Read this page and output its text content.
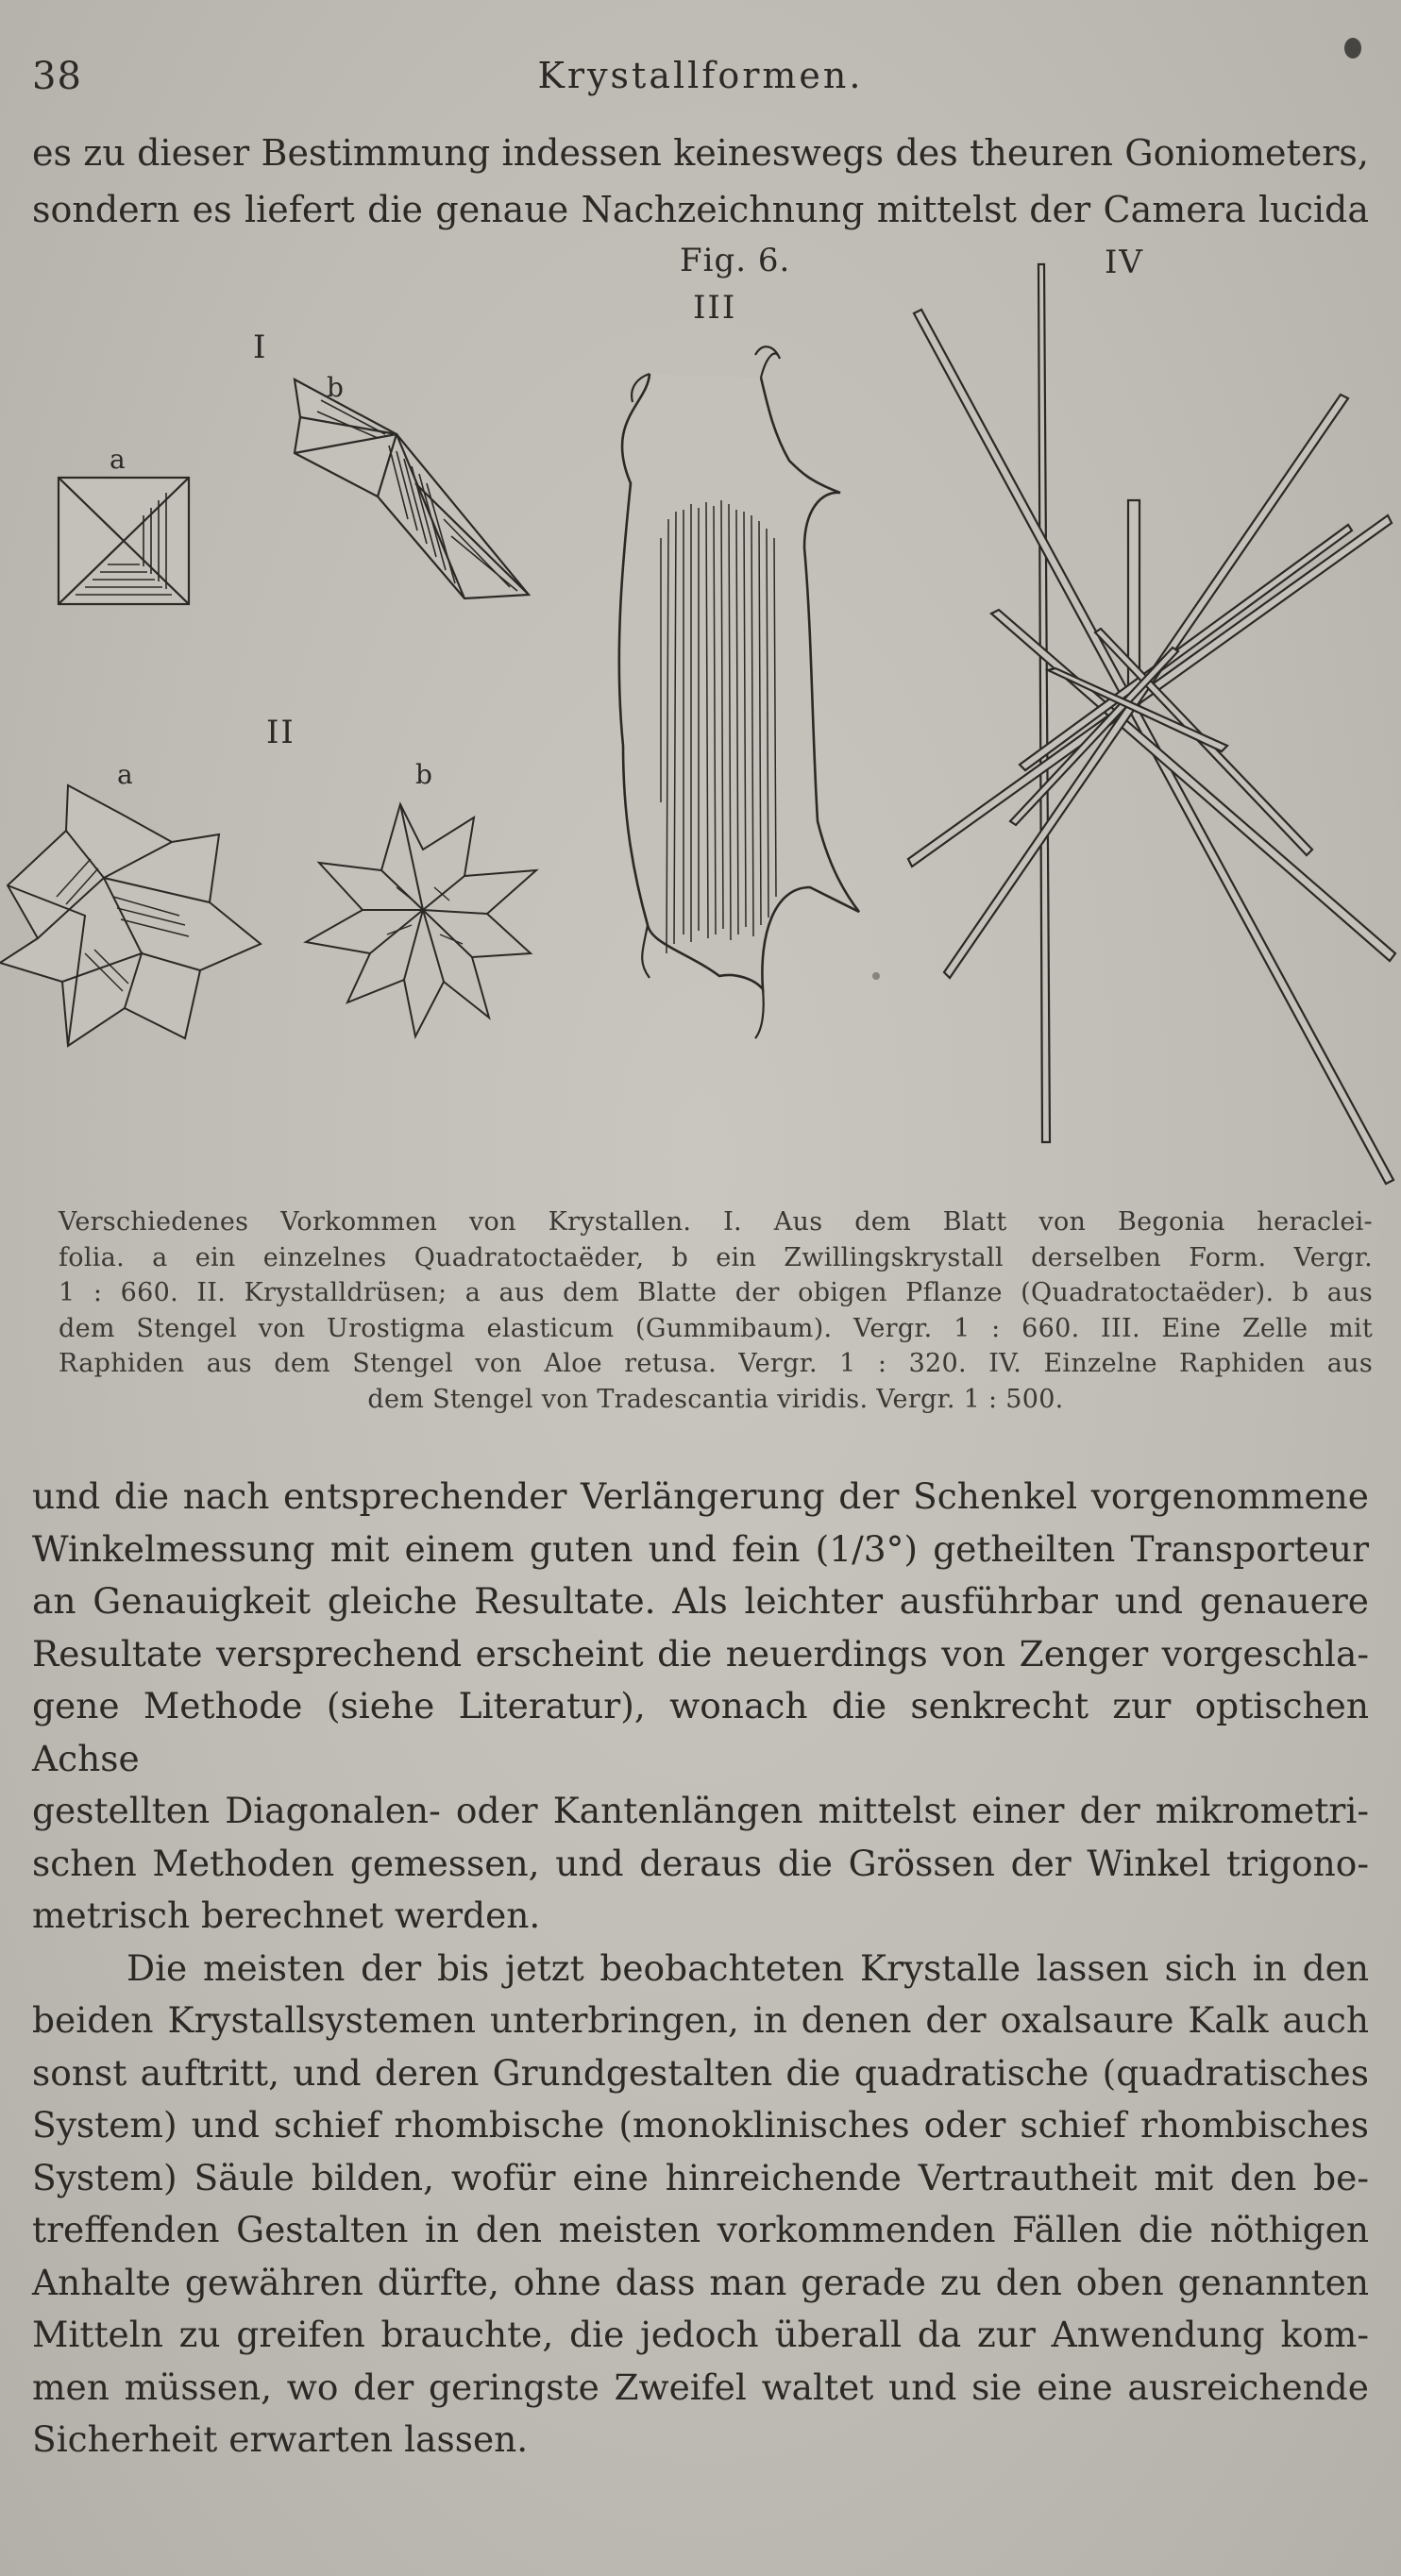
38	Krystallformen.

es zu dieser Bestimmung indessen keineswegs des theuren Goniometers,

sondern es liefert die genaue Nachzeichnung mittelst der Camera lucida

Fig. 6.
I
III
IV
II
a
b
a	b

Verschiedenes Vorkommen von Krystallen. I. Aus dem Blatt von Begonia heraclei-

folia. a ein einzelnes Quadratoctaëder, b ein Zwillingskrystall derselben Form. Vergr.

1 : 660. II. Krystalldrüsen; a aus dem Blatte der obigen Pflanze (Quadratoctaëder). b aus

dem Stengel von Urostigma elasticum (Gummibaum). Vergr. 1 : 660. III. Eine Zelle mit

Raphiden aus dem Stengel von Aloe retusa. Vergr. 1 : 320. IV. Einzelne Raphiden aus

dem Stengel von Tradescantia viridis. Vergr. 1 : 500.

und die nach entsprechender Verlängerung der Schenkel vorgenommene

Winkelmessung mit einem guten und fein (1/3°) getheilten Transporteur

an Genauigkeit gleiche Resultate. Als leichter ausführbar und genauere

Resultate versprechend erscheint die neuerdings von Zenger vorgeschla-

gene Methode (siehe Literatur), wonach die senkrecht zur optischen Achse

gestellten Diagonalen- oder Kantenlängen mittelst einer der mikrometri-

schen Methoden gemessen, und deraus die Grössen der Winkel trigono-

metrisch berechnet werden.

Die meisten der bis jetzt beobachteten Krystalle lassen sich in den

beiden Krystallsystemen unterbringen, in denen der oxalsaure Kalk auch

sonst auftritt, und deren Grundgestalten die quadratische (quadratisches

System) und schief rhombische (monoklinisches oder schief rhombisches

System) Säule bilden, wofür eine hinreichende Vertrautheit mit den be-

treffenden Gestalten in den meisten vorkommenden Fällen die nöthigen

Anhalte gewähren dürfte, ohne dass man gerade zu den oben genannten

Mitteln zu greifen brauchte, die jedoch überall da zur Anwendung kom-

men müssen, wo der geringste Zweifel waltet und sie eine ausreichende

Sicherheit erwarten lassen.
